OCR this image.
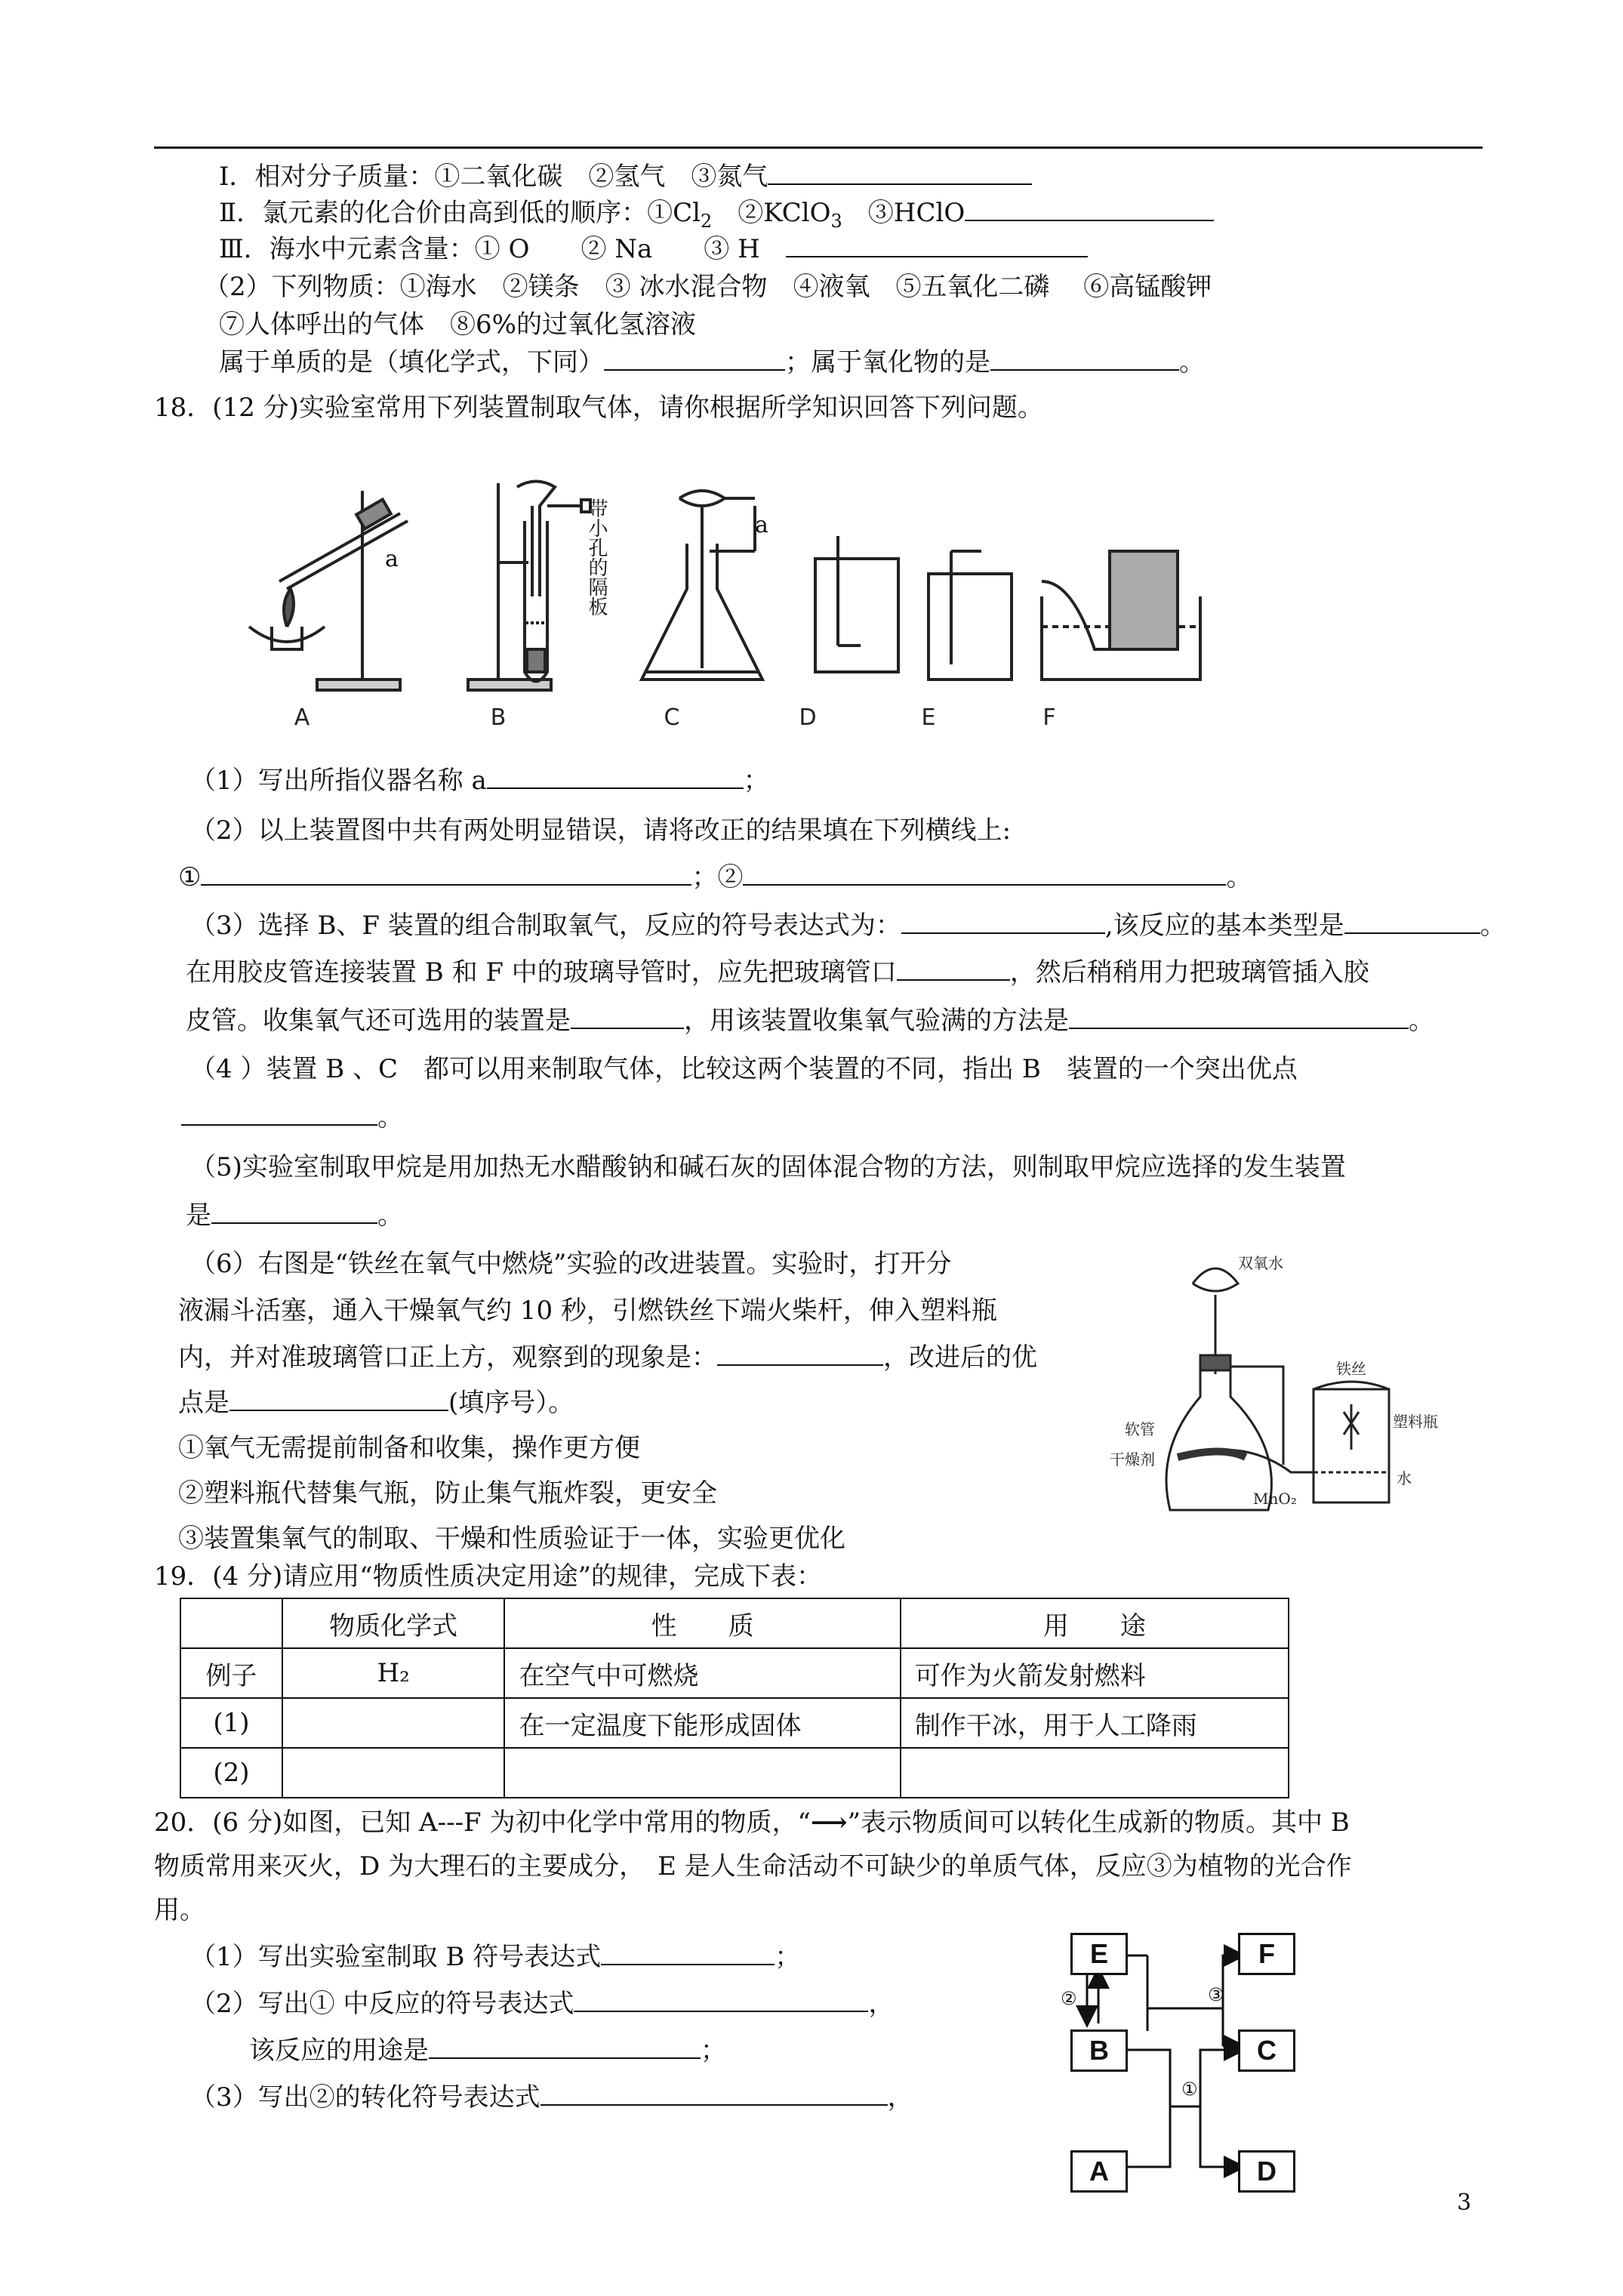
Ⅰ．相对分子质量：①二氧化碳　②氢气　③氮气
Ⅱ．氯元素的化合价由高到低的顺序：$①Cl_2$　②KClO$_3$　③HClO
Ⅲ．海水中元素含量：① O　　② Na　　③ H　
（2）下列物质：①海水　②镁条　③ 冰水混合物　④液氧　⑤五氧化二磷　 ⑥高锰酸钾
⑦人体呼出的气体　⑧6%的过氧化氢溶液
属于单质的是（填化学式，下同）	；属于氧化物的是	。
18．(12 分)实验室常用下列装置制取气体，请你根据所学知识回答下列问题。
a
a
带小孔的隔板
A	B	C	D	E	F
（1）写出所指仪器名称 a	；
（2）以上装置图中共有两处明显错误，请将改正的结果填在下列横线上:
①	；②	。
（3）选择 B、F 装置的组合制取氧气，反应的符号表达式为：	,该反应的基本类型是	。
在用胶皮管连接装置 B 和 F 中的玻璃导管时，应先把玻璃管口	，然后稍稍用力把玻璃管插入胶
皮管。收集氧气还可选用的装置是	，用该装置收集氧气验满的方法是	。
（4 ）装置 B 、C　都可以用来制取气体，比较这两个装置的不同，指出 B　装置的一个突出优点
。
（5)实验室制取甲烷是用加热无水醋酸钠和碱石灰的固体混合物的方法，则制取甲烷应选择的发生装置
是	。
（6）右图是“铁丝在氧气中燃烧”实验的改进装置。实验时，打开分
液漏斗活塞，通入干燥氧气约 10 秒，引燃铁丝下端火柴杆，伸入塑料瓶
内，并对准玻璃管口正上方，观察到的现象是：	，改进后的优
点是	(填序号）。
①氧气无需提前制备和收集，操作更方便
②塑料瓶代替集气瓶，防止集气瓶炸裂，更安全
③装置集氧气的制取、干燥和性质验证于一体，实验更优化
双氧水
铁丝
软管
干燥剂
塑料瓶
MnO₂
水
19．(4 分)请应用“物质性质决定用途”的规律，完成下表：
	物质化学式	性　　质	用　　途
例子	H₂	在空气中可燃烧	可作为火箭发射燃料
(1)		在一定温度下能形成固体	制作干冰，用于人工降雨
(2)			
20．(6 分)如图，已知 A---F 为初中化学中常用的物质，“⟶”表示物质间可以转化生成新的物质。其中 B
物质常用来灭火，D 为大理石的主要成分，　E 是人生命活动不可缺少的单质气体，反应③为植物的光合作
用。
（1）写出实验室制取 B 符号表达式	；
（2）写出① 中反应的符号表达式	，
该反应的用途是	；
（3）写出②的转化符号表达式	，
②
①
③
E	F
B	C
A	D
3
